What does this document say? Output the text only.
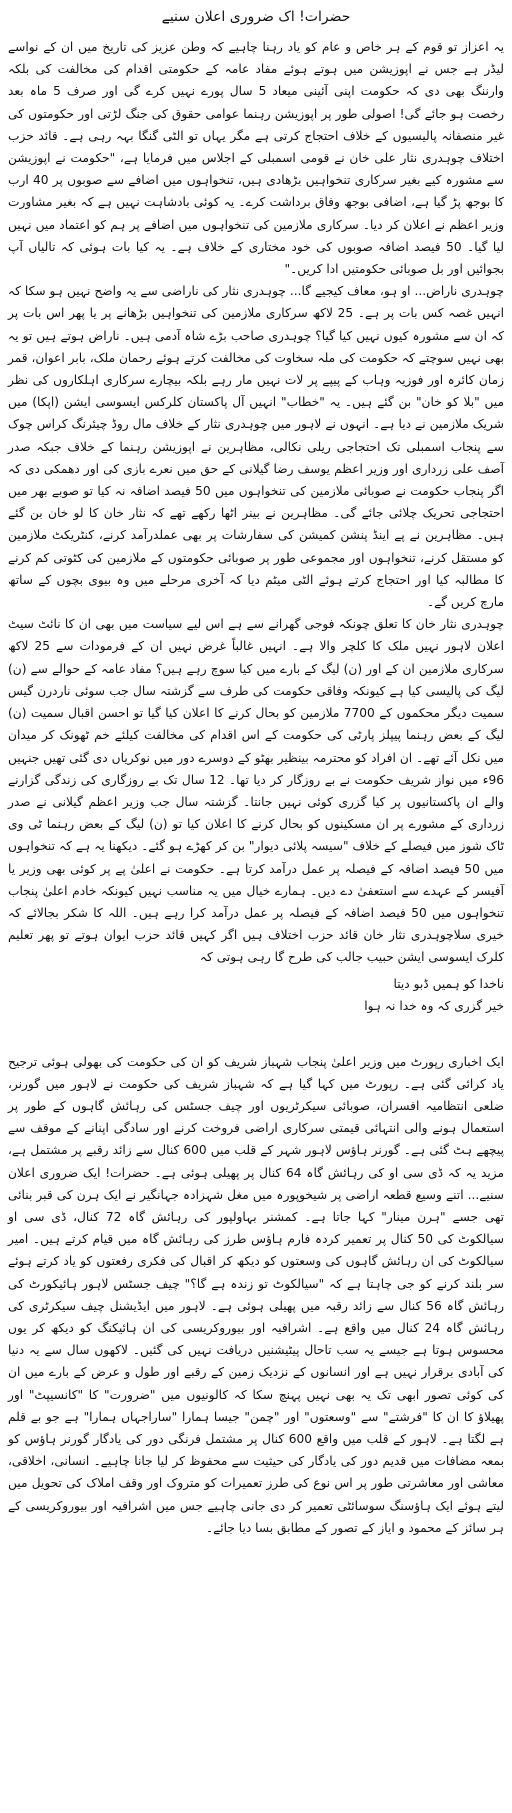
حضرات! اک ضروری اعلان سنیے

یہ اعزاز تو قوم کے ہر خاص و عام کو یاد رہنا چاہیے کہ وطن عزیز کی تاریخ میں ان کے نواسے لیڈر ہے جس نے اپوزیشن میں ہوتے ہوئے مفاد عامہ کے حکومتی اقدام کی مخالفت کی بلکہ وارننگ بھی دی کہ حکومت اپنی آئینی میعاد 5 سال پورے نہیں کرے گی اور صرف 5 ماہ بعد رخصت ہو جائے گی! اصولی طور پر اپوزیشن رہنما عوامی حقوق کی جنگ لڑتی اور حکومتوں کی غیر منصفانہ پالیسیوں کے خلاف احتجاج کرتی ہے مگر یہاں تو الٹی گنگا بہہ رہی ہے۔ قائد حزب اختلاف چوہدری نثار علی خان نے قومی اسمبلی کے اجلاس میں فرمایا ہے، "حکومت نے اپوزیشن سے مشورہ کیے بغیر سرکاری تنخواہیں بڑھادی ہیں، تنخواہوں میں اضافے سے صوبوں پر 40 ارب کا بوجھ پڑ گیا ہے، اضافی بوجھ وفاق برداشت کرے۔ یہ کوئی بادشاہت نہیں ہے کہ بغیر مشاورت وزیر اعظم نے اعلان کر دیا۔ سرکاری ملازمین کی تنخواہوں میں اضافے پر ہم کو اعتماد میں نہیں لیا گیا۔ 50 فیصد اضافہ صوبوں کی خود مختاری کے خلاف ہے۔ یہ کیا بات ہوئی کہ تالیاں آپ بجوائیں اور بل صوبائی حکومتیں ادا کریں۔"

چوہدری ناراض... او ہو، معاف کیجیے گا... چوہدری نثار کی ناراضی سے یہ واضح نہیں ہو سکا کہ انہیں غصہ کس بات پر ہے۔ 25 لاکھ سرکاری ملازمین کی تنخواہیں بڑھانے پر یا پھر اس بات پر کہ ان سے مشورہ کیوں نہیں کیا گیا؟ چوہدری صاحب بڑے شاہ آدمی ہیں۔ ناراض ہوتے ہیں تو یہ بھی نہیں سوچتے کہ حکومت کی ملہ سخاوت کی مخالفت کرتے ہوئے رحمان ملک، بابر اعوان، قمر زمان کائرہ اور فوزیہ وہاب کے پیپے پر لات نہیں مار رہے بلکہ بیچارے سرکاری اہلکاروں کی نظر میں "بلا کو خان" بن گئے ہیں۔ یہ "خطاب" انہیں آل پاکستان کلرکس ایسوسی ایشن (اپکا) میں شریک ملازمین نے دیا ہے۔ انہوں نے لاہور میں چوہدری نثار کے خلاف مال روڈ چیئرنگ کراس چوک سے پنجاب اسمبلی تک احتجاجی ریلی نکالی، مظاہرین نے اپوزیشن رہنما کے خلاف جبکہ صدر آصف علی زرداری اور وزیر اعظم یوسف رضا گیلانی کے حق میں نعرے بازی کی اور دھمکی دی کہ اگر پنجاب حکومت نے صوبائی ملازمین کی تنخواہوں میں 50 فیصد اضافہ نہ کیا تو صوبے بھر میں احتجاجی تحریک چلائی جائے گی۔ مظاہرین نے بینر اٹھا رکھے تھے کہ نثار خان کا لو خان بن گئے ہیں۔ مظاہرین نے پے اینڈ پنشن کمیشن کی سفارشات پر بھی عملدرآمد کرنے، کنٹریکٹ ملازمین کو مستقل کرنے، تنخواہوں اور مجموعی طور پر صوبائی حکومتوں کے ملازمین کی کٹوتی کم کرنے کا مطالبہ کیا اور احتجاج کرتے ہوئے الٹی میٹم دیا کہ آخری مرحلے میں وہ بیوی بچوں کے ساتھ مارچ کریں گے۔

چوہدری نثار خان کا تعلق چونکہ فوجی گھرانے سے ہے اس لیے سیاست میں بھی ان کا نائٹ سیٹ اعلان لاہور نہیں ملک کا کلچر والا ہے۔ انہیں غالباً غرض نہیں ان کے فرمودات سے 25 لاکھ سرکاری ملازمین ان کے اور (ن) لیگ کے بارے میں کیا سوچ رہے ہیں؟ مفاد عامہ کے حوالے سے (ن) لیگ کی پالیسی کیا ہے کیونکہ وفاقی حکومت کی طرف سے گزشتہ سال جب سوئی ناردرن گیس سمیت دیگر محکموں کے 7700 ملازمین کو بحال کرنے کا اعلان کیا گیا تو احسن اقبال سمیت (ن) لیگ کے بعض رہنما پیپلز پارٹی کی حکومت کے اس اقدام کی مخالفت کیلئے خم ٹھونک کر میدان میں نکل آئے تھے۔ ان افراد کو محترمہ بینظیر بھٹو کے دوسرے دور میں نوکریاں دی گئی تھیں جنہیں 96ء میں نواز شریف حکومت نے بے روزگار کر دیا تھا۔ 12 سال تک بے روزگاری کی زندگی گزارنے والے ان پاکستانیوں پر کیا گزری کوئی نہیں جانتا۔ گزشتہ سال جب وزیر اعظم گیلانی نے صدر زرداری کے مشورے پر ان مسکینوں کو بحال کرنے کا اعلان کیا تو (ن) لیگ کے بعض رہنما ٹی وی ٹاک شوز میں فیصلے کے خلاف "سیسہ پلائی دیوار" بن کر کھڑے ہو گئے۔ دیکھنا یہ ہے کہ تنخواہوں میں 50 فیصد اضافہ کے فیصلہ پر عمل درآمد کرتا ہے۔ حکومت نے اعلیٰ پے پر کوئی بھی وزیر یا آفیسر کے عہدے سے استعفیٰ دے دیں۔ ہمارے خیال میں یہ مناسب نہیں کیونکہ خادم اعلیٰ پنجاب تنخواہوں میں 50 فیصد اضافہ کے فیصلہ پر عمل درآمد کرا رہے ہیں۔ اللہ کا شکر بجالائے کہ خیری سلاچوہدری نثار خان قائد حزب اختلاف ہیں اگر کہیں قائد حزب ایوان ہوتے تو پھر تعلیم کلرک ایسوسی ایشن حبیب جالب کی طرح گا رہی ہوتی کہ

ناخدا کو ہمیں ڈبو دیتا
خیر گزری کہ وہ خدا نہ ہوا

ایک اخباری رپورٹ میں وزیر اعلیٰ پنجاب شہباز شریف کو ان کی حکومت کی بھولی ہوئی ترجیح یاد کرائی گئی ہے۔ رپورٹ میں کہا گیا ہے کہ شہباز شریف کی حکومت نے لاہور میں گورنر، ضلعی انتظامیہ افسران، صوبائی سیکرٹریوں اور چیف جسٹس کی رہائش گاہوں کے طور پر استعمال ہونے والی انتہائی قیمتی سرکاری اراضی فروخت کرنے اور سادگی اپنانے کے موقف سے پیچھے ہٹ گئی ہے۔ گورنر ہاؤس لاہور شہر کے قلب میں 600 کنال سے زائد رقبے پر مشتمل ہے، مزید یہ کہ ڈی سی او کی رہائش گاہ 64 کنال پر پھیلی ہوئی ہے۔ حضرات! ایک ضروری اعلان سنیے... اتنے وسیع قطعہ اراضی پر شیخوپورہ میں مغل شہزادہ جہانگیر نے ایک ہرن کی قبر بنائی تھی جسے "ہرن مینار" کہا جاتا ہے۔ کمشنر بہاولپور کی رہائش گاہ 72 کنال، ڈی سی او سیالکوٹ کی 50 کنال پر تعمیر کردہ فارم ہاؤس طرز کی رہائش گاہ میں قیام کرتے ہیں۔ امیر سیالکوٹ کی ان رہائش گاہوں کی وسعتوں کو دیکھ کر اقبال کی فکری رفعتوں کو یاد کرتے ہوئے سر بلند کرنے کو جی چاہتا ہے کہ "سیالکوٹ تو زندہ ہے گا؟" چیف جسٹس لاہور ہائیکورٹ کی رہائش گاہ 56 کنال سے زائد رقبہ میں پھیلی ہوئی ہے۔ لاہور میں ایڈیشنل چیف سیکرٹری کی رہائش گاہ 24 کنال میں واقع ہے۔ اشرافیہ اور بیوروکریسی کی ان ہائیکنگ کو دیکھ کر یوں محسوس ہوتا ہے جیسے یہ سب تاحال پیٹیشنیں دریافت نہیں کی گئیں۔ لاکھوں سال سے یہ دنیا کی آبادی برقرار نہیں ہے اور انسانوں کے نزدیک زمین کے رقبے اور طول و عرض کے بارے میں ان کی کوئی تصور ابھی تک یہ بھی نہیں پہنچ سکا کہ کالونیوں میں "ضرورت" کا "کانسیپٹ" اور پھیلاؤ کا ان کا "فرشتے" سے "وسعتوں" اور "چمن" جیسا ہمارا "ساراجہاں ہمارا" ہے جو بے قلم ہے لگتا ہے۔ لاہور کے قلب میں واقع 600 کنال پر مشتمل فرنگی دور کی یادگار گورنر ہاؤس کو بمعہ مضافات میں قدیم دور کی یادگار کی حیثیت سے محفوظ کر لیا جانا چاہیے۔ انسانی، اخلاقی، معاشی اور معاشرتی طور پر اس نوع کی طرز تعمیرات کو متروک اور وقف املاک کی تحویل میں لیتے ہوئے ایک ہاؤسنگ سوسائٹی تعمیر کر دی جانی چاہیے جس میں اشرافیہ اور بیوروکریسی کے ہر سائز کے محمود و ایاز کے تصور کے مطابق بسا دیا جائے۔
